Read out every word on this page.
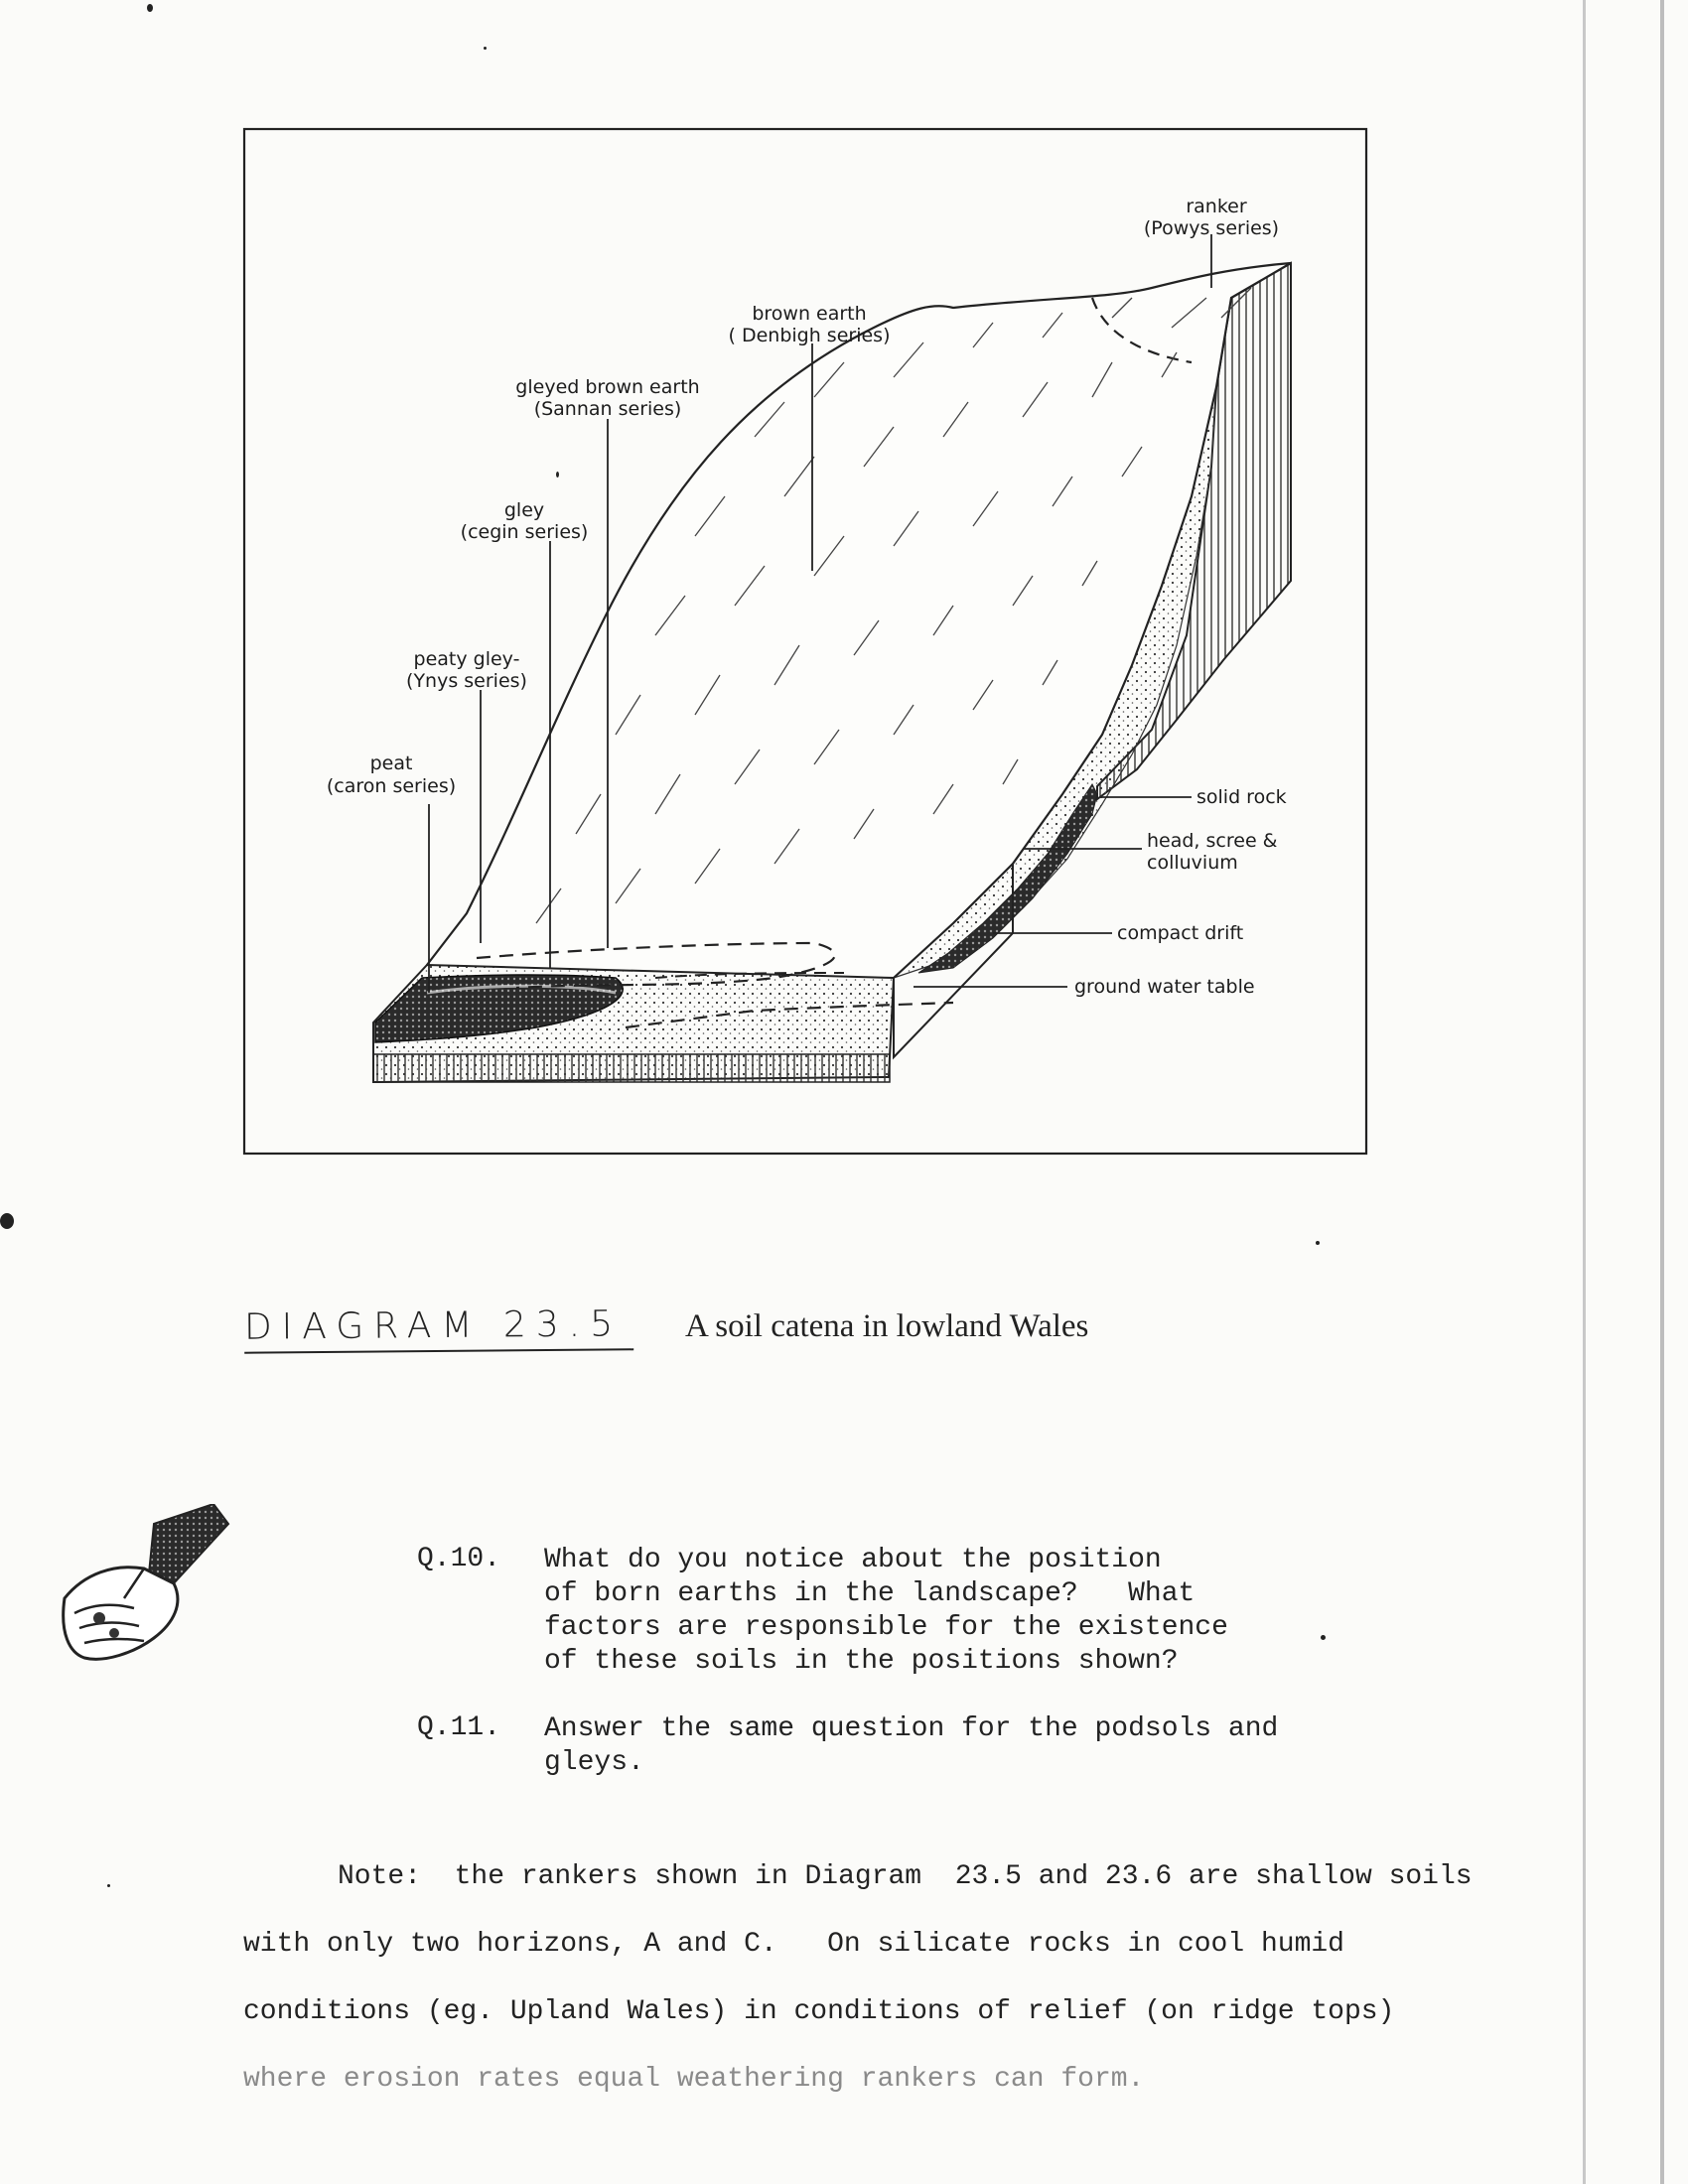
ranker
(Powys series)
brown earth
( Denbigh series)
gleyed brown earth
(Sannan series)
gley
(cegin series)
peaty gley-
(Ynys series)
peat
(caron series)	solid rock
head, scree &
colluvium
compact drift
ground water table
DIAGRAM 23.5	A soil catena in lowland Wales
Q.10. What do you notice about the position
of born earths in the landscape?   What
factors are responsible for the existence
of these soils in the positions shown?
Q.11. Answer the same question for the podsols and
gleys.
Note:  the rankers shown in Diagram  23.5 and 23.6 are shallow soils
with only two horizons, A and C.   On silicate rocks in cool humid
conditions (eg. Upland Wales) in conditions of relief (on ridge tops)
where erosion rates equal weathering rankers can form.
